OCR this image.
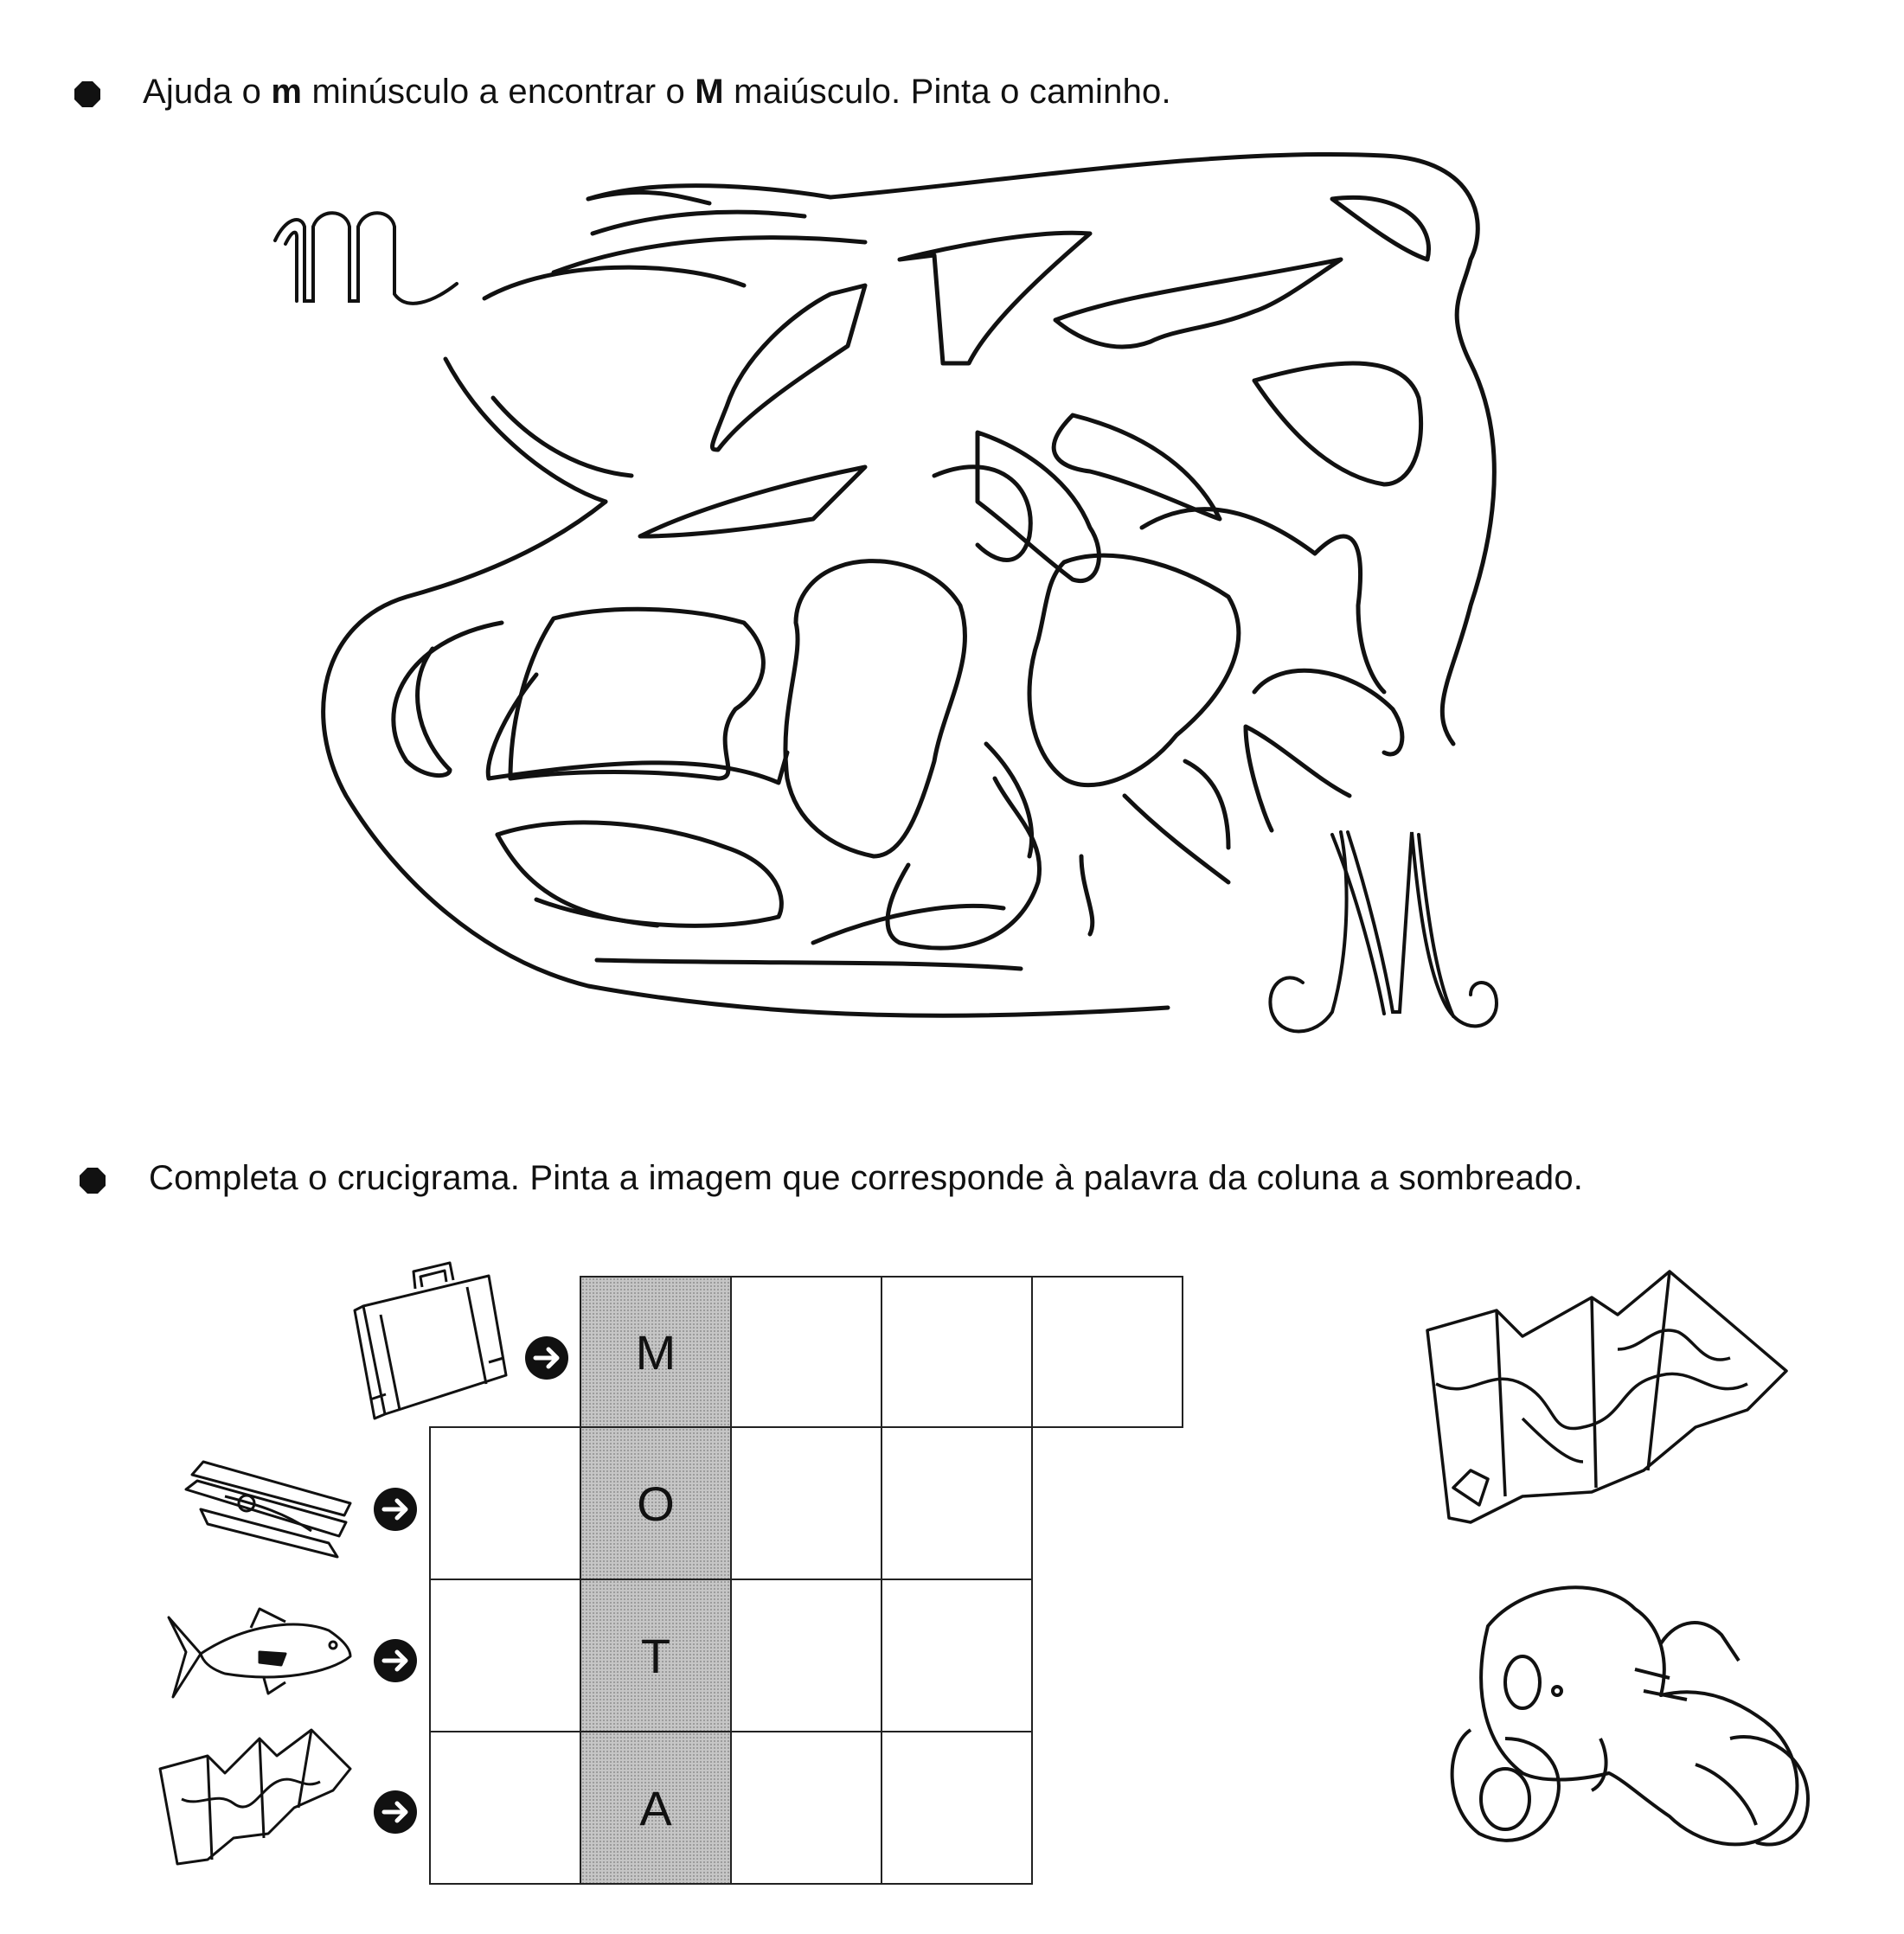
Ajuda o m minúsculo a encontrar o M maiúsculo. Pinta o caminho.
Completa o crucigrama. Pinta a imagem que corresponde à palavra da coluna a sombreado.
M
O
T
A
